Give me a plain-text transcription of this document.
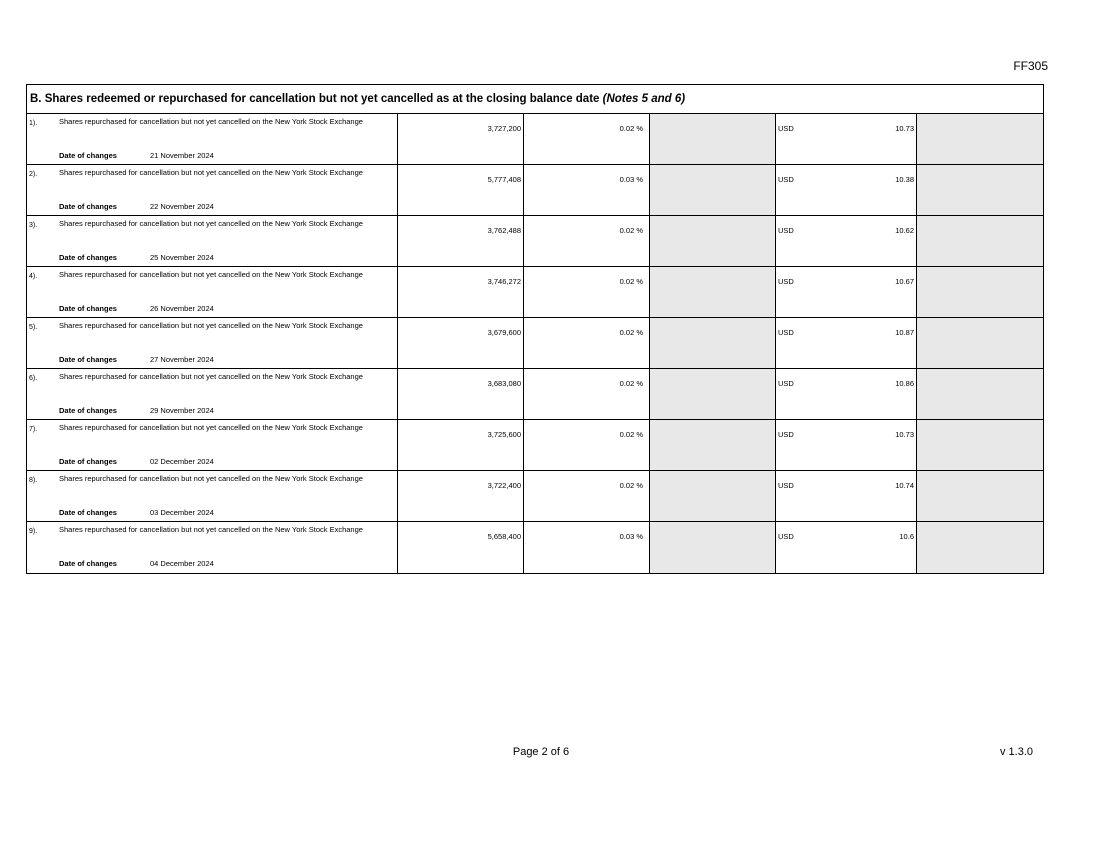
FF305
B. Shares redeemed or repurchased for cancellation but not yet cancelled as at the closing balance date (Notes 5 and 6)
1).	Shares repurchased for cancellation but not yet cancelled on the New York Stock Exchange
Date of changes	21 November 2024
3,727,200	0.02 %	USD	10.73
2).	Shares repurchased for cancellation but not yet cancelled on the New York Stock Exchange
Date of changes	22 November 2024
5,777,408	0.03 %	USD	10.38
3).	Shares repurchased for cancellation but not yet cancelled on the New York Stock Exchange
Date of changes	25 November 2024
3,762,488	0.02 %	USD	10.62
4).	Shares repurchased for cancellation but not yet cancelled on the New York Stock Exchange
Date of changes	26 November 2024
3,746,272	0.02 %	USD	10.67
5).	Shares repurchased for cancellation but not yet cancelled on the New York Stock Exchange
Date of changes	27 November 2024
3,679,600	0.02 %	USD	10.87
6).	Shares repurchased for cancellation but not yet cancelled on the New York Stock Exchange
Date of changes	29 November 2024
3,683,080	0.02 %	USD	10.86
7).	Shares repurchased for cancellation but not yet cancelled on the New York Stock Exchange
Date of changes	02 December 2024
3,725,600	0.02 %	USD	10.73
8).	Shares repurchased for cancellation but not yet cancelled on the New York Stock Exchange
Date of changes	03 December 2024
3,722,400	0.02 %	USD	10.74
9).	Shares repurchased for cancellation but not yet cancelled on the New York Stock Exchange
Date of changes	04 December 2024
5,658,400	0.03 %	USD	10.6
Page 2 of 6	v 1.3.0
